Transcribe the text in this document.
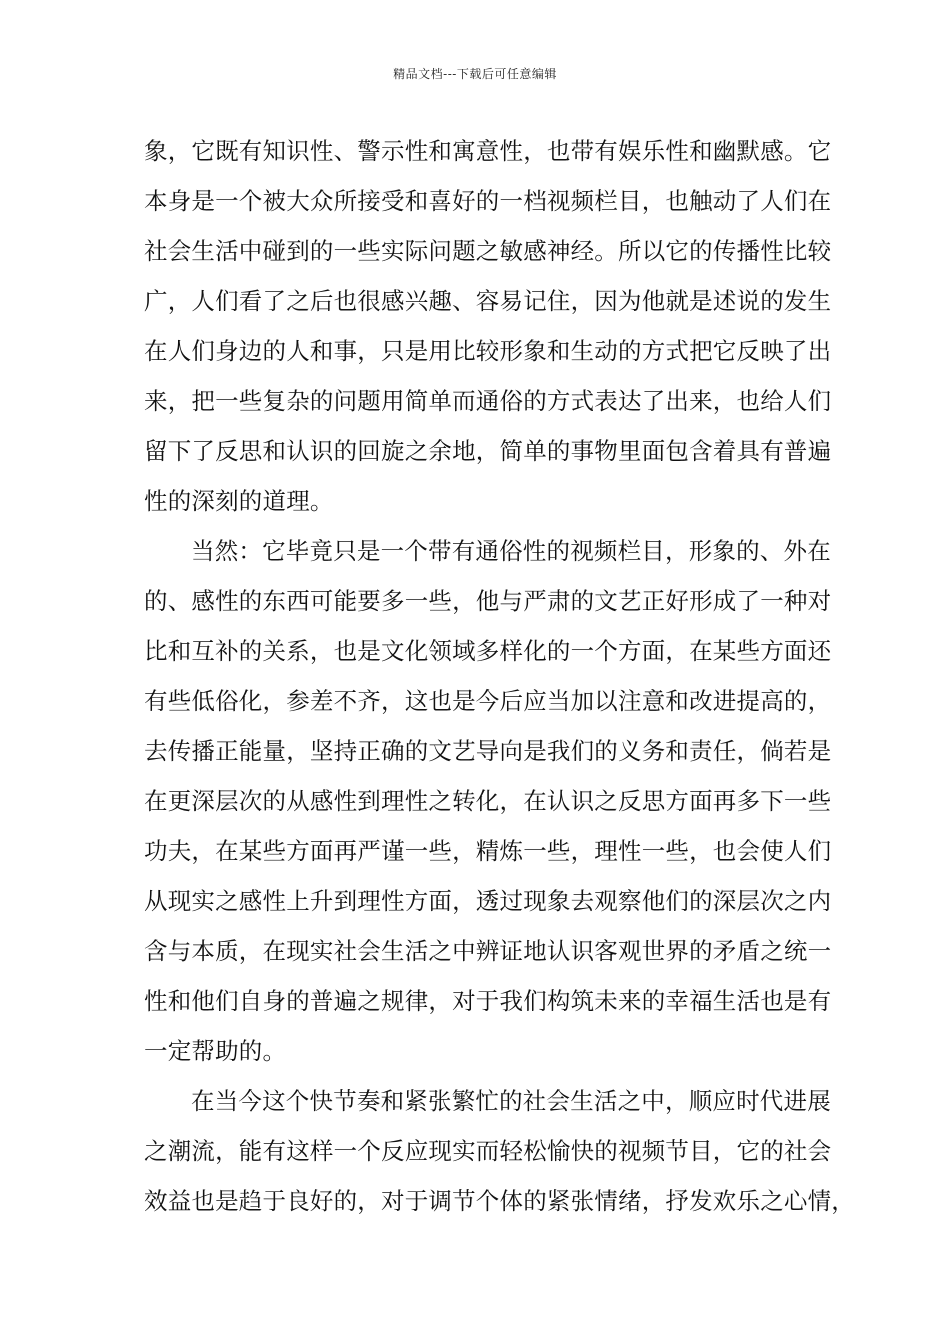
精品文档---下载后可任意编辑
象，它既有知识性、警示性和寓意性，也带有娱乐性和幽默感。它
本身是一个被大众所接受和喜好的一档视频栏目，也触动了人们在
社会生活中碰到的一些实际问题之敏感神经。所以它的传播性比较
广，人们看了之后也很感兴趣、容易记住，因为他就是述说的发生
在人们身边的人和事，只是用比较形象和生动的方式把它反映了出
来，把一些复杂的问题用简单而通俗的方式表达了出来，也给人们
留下了反思和认识的回旋之余地，简单的事物里面包含着具有普遍
性的深刻的道理。
当然：它毕竟只是一个带有通俗性的视频栏目，形象的、外在
的、感性的东西可能要多一些，他与严肃的文艺正好形成了一种对
比和互补的关系，也是文化领域多样化的一个方面，在某些方面还
有些低俗化，参差不齐，这也是今后应当加以注意和改进提高的，
去传播正能量，坚持正确的文艺导向是我们的义务和责任，倘若是
在更深层次的从感性到理性之转化，在认识之反思方面再多下一些
功夫，在某些方面再严谨一些，精炼一些，理性一些，也会使人们
从现实之感性上升到理性方面，透过现象去观察他们的深层次之内
含与本质，在现实社会生活之中辨证地认识客观世界的矛盾之统一
性和他们自身的普遍之规律，对于我们构筑未来的幸福生活也是有
一定帮助的。
在当今这个快节奏和紧张繁忙的社会生活之中，顺应时代进展
之潮流，能有这样一个反应现实而轻松愉快的视频节目，它的社会
效益也是趋于良好的，对于调节个体的紧张情绪，抒发欢乐之心情，
